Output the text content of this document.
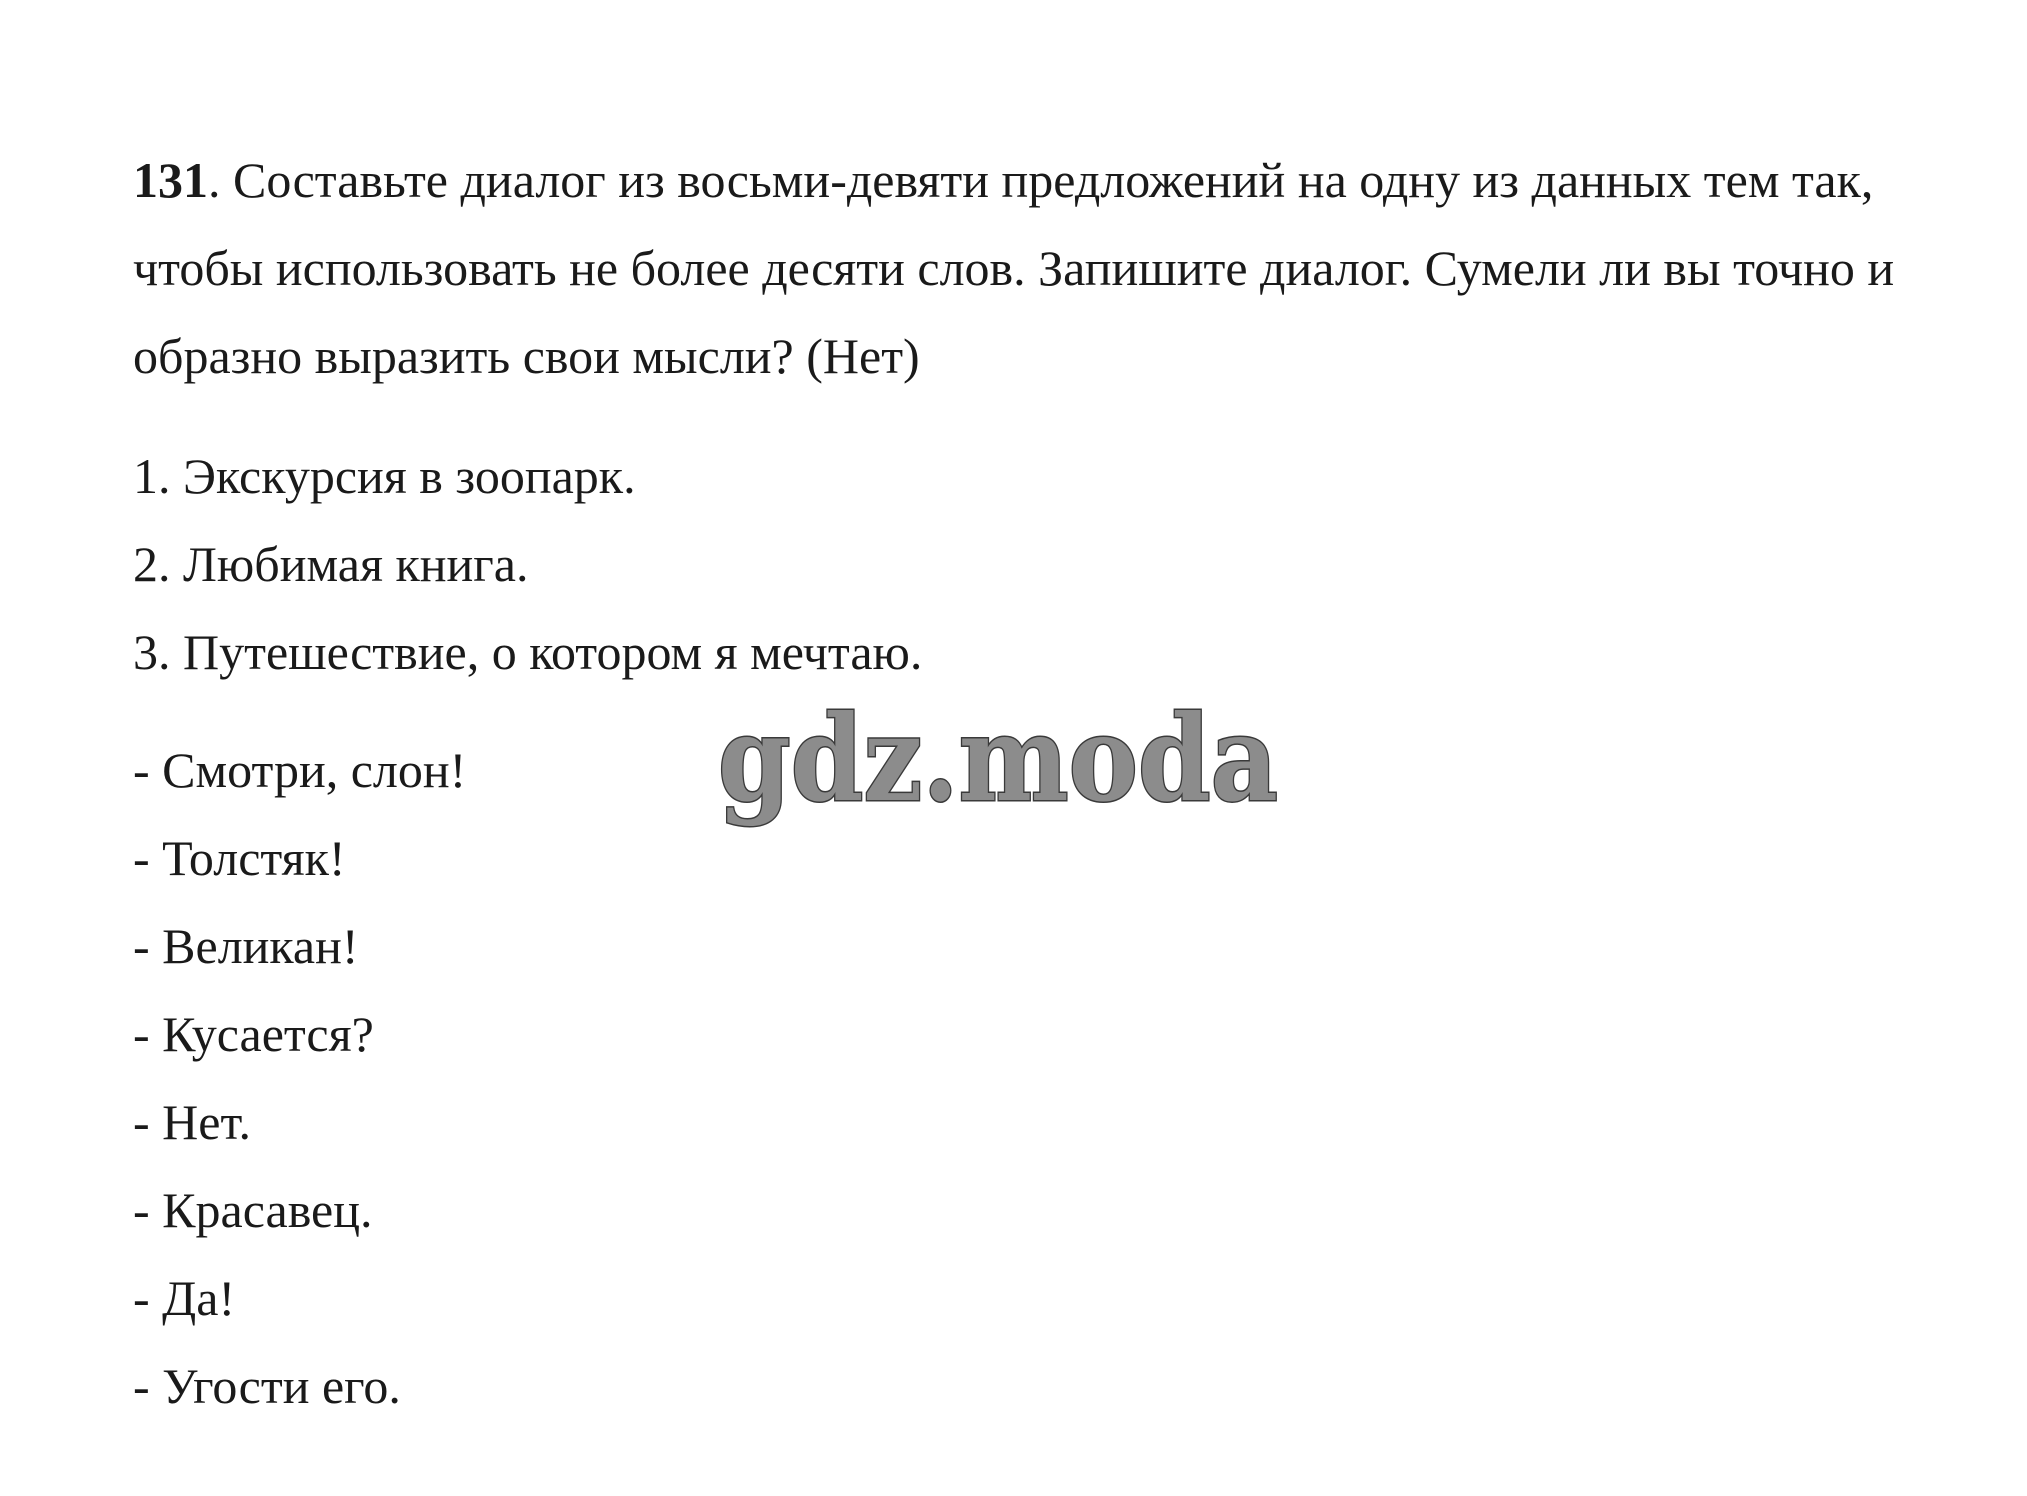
131. Составьте диалог из восьми-девяти предложений на одну из данных тем так, чтобы использовать не более десяти слов. Запишите диалог. Сумели ли вы точно и образно выразить свои мысли? (Нет)

1. Экскурсия в зоопарк.
2. Любимая книга.
3. Путешествие, о котором я мечтаю.
- Смотри, слон!
- Толстяк!
- Великан!
- Кусается?
- Нет.
- Красавец.
- Да!
- Угости его.
gdz.moda
